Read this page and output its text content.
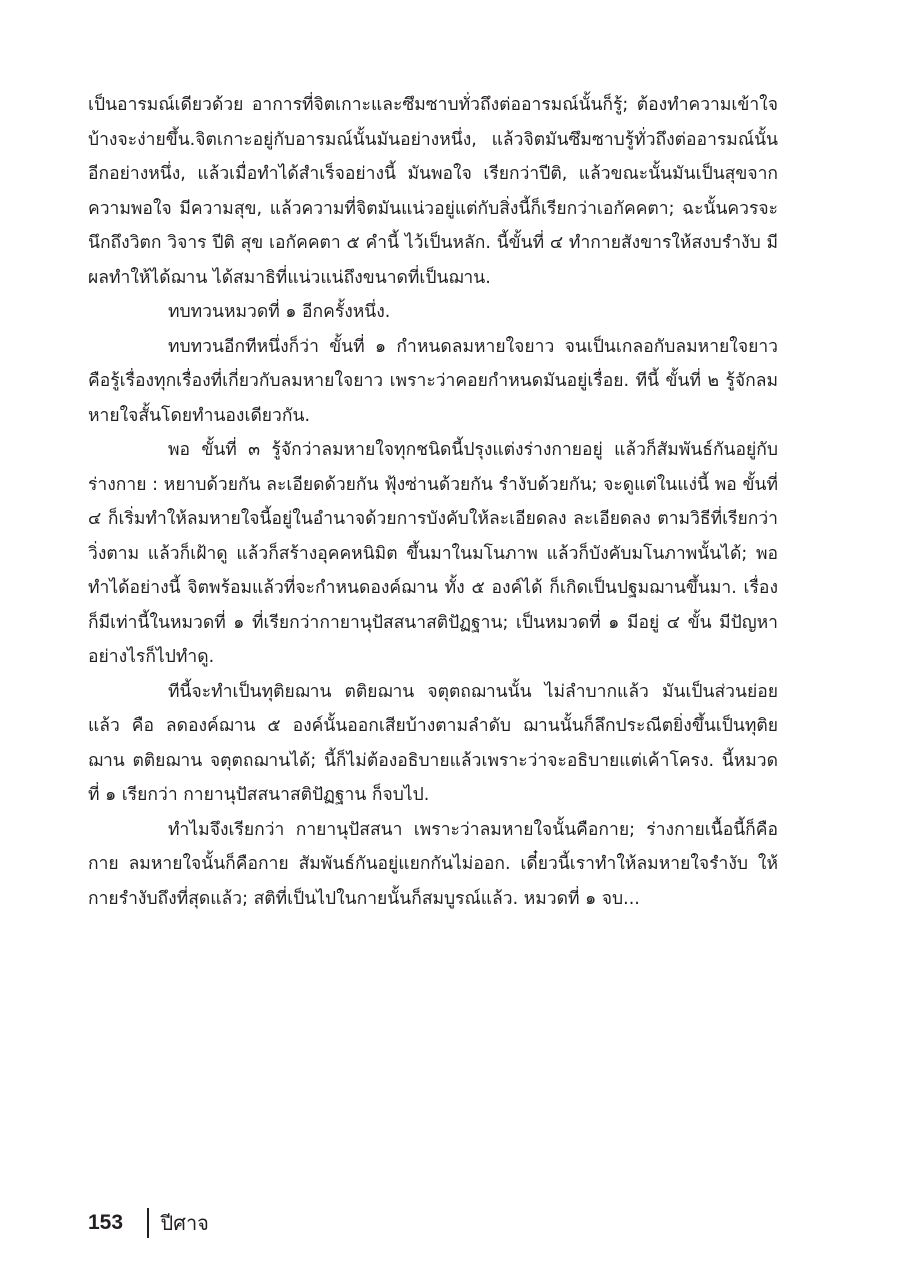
เป็นอารมณ์เดียวด้วย อาการที่จิตเกาะและซึมซาบทั่วถึงต่ออารมณ์นั้นก็รู้; ต้องทำความเข้าใจบ้างจะง่ายขึ้น.จิตเกาะอยู่กับอารมณ์นั้นมันอย่างหนึ่ง, แล้วจิตมันซึมซาบรู้ทั่วถึงต่ออารมณ์นั้นอีกอย่างหนึ่ง, แล้วเมื่อทำได้สำเร็จอย่างนี้ มันพอใจ เรียกว่าปีติ, แล้วขณะนั้นมันเป็นสุขจากความพอใจ มีความสุข, แล้วความที่จิตมันแน่วอยู่แต่กับสิ่งนี้ก็เรียกว่าเอกัคคตา; ฉะนั้นควรจะนึกถึงวิตก วิจาร ปีติ สุข เอกัคคตา ๕ คำนี้ ไว้เป็นหลัก. นี้ขั้นที่ ๔ ทำกายสังขารให้สงบรำงับ มีผลทำให้ได้ฌาน ได้สมาธิที่แน่วแน่ถึงขนาดที่เป็นฌาน.

ทบทวนหมวดที่ ๑ อีกครั้งหนึ่ง.

ทบทวนอีกทีหนึ่งก็ว่า ขั้นที่ ๑ กำหนดลมหายใจยาว จนเป็นเกลอกับลมหายใจยาว คือรู้เรื่องทุกเรื่องที่เกี่ยวกับลมหายใจยาว เพราะว่าคอยกำหนดมันอยู่เรื่อย. ทีนี้ ขั้นที่ ๒ รู้จักลมหายใจสั้นโดยทำนองเดียวกัน.

พอ ขั้นที่ ๓ รู้จักว่าลมหายใจทุกชนิดนี้ปรุงแต่งร่างกายอยู่ แล้วก็สัมพันธ์กันอยู่กับร่างกาย : หยาบด้วยกัน ละเอียดด้วยกัน ฟุ้งซ่านด้วยกัน รำงับด้วยกัน; จะดูแต่ในแง่นี้ พอ ขั้นที่ ๔ ก็เริ่มทำให้ลมหายใจนี้อยู่ในอำนาจด้วยการบังคับให้ละเอียดลง ละเอียดลง ตามวิธีที่เรียกว่าวิ่งตาม แล้วก็เฝ้าดู แล้วก็สร้างอุคคหนิมิต ขึ้นมาในมโนภาพ แล้วก็บังคับมโนภาพนั้นได้; พอทำได้อย่างนี้ จิตพร้อมแล้วที่จะกำหนดองค์ฌาน ทั้ง ๕ องค์ได้ ก็เกิดเป็นปฐมฌานขึ้นมา. เรื่องก็มีเท่านี้ในหมวดที่ ๑ ที่เรียกว่ากายานุปัสสนาสติปัฏฐาน; เป็นหมวดที่ ๑ มีอยู่ ๔ ขั้น มีปัญหาอย่างไรก็ไปทำดู.

ทีนี้จะทำเป็นทุติยฌาน ตติยฌาน จตุตถฌานนั้น ไม่ลำบากแล้ว มันเป็นส่วนย่อยแล้ว คือ ลดองค์ฌาน ๕ องค์นั้นออกเสียบ้างตามลำดับ ฌานนั้นก็ลึกประณีตยิ่งขึ้นเป็นทุติยฌาน ตติยฌาน จตุตถฌานได้; นี้ก็ไม่ต้องอธิบายแล้วเพราะว่าจะอธิบายแต่เค้าโครง. นี้หมวดที่ ๑ เรียกว่า กายานุปัสสนาสติปัฏฐาน ก็จบไป.

ทำไมจึงเรียกว่า กายานุปัสสนา เพราะว่าลมหายใจนั้นคือกาย; ร่างกายเนื้อนี้ก็คือกาย ลมหายใจนั้นก็คือกาย สัมพันธ์กันอยู่แยกกันไม่ออก. เดี๋ยวนี้เราทำให้ลมหายใจรำงับ ให้กายรำงับถึงที่สุดแล้ว; สติที่เป็นไปในกายนั้นก็สมบูรณ์แล้ว. หมวดที่ ๑ จบ...

153 ปีศาจ
